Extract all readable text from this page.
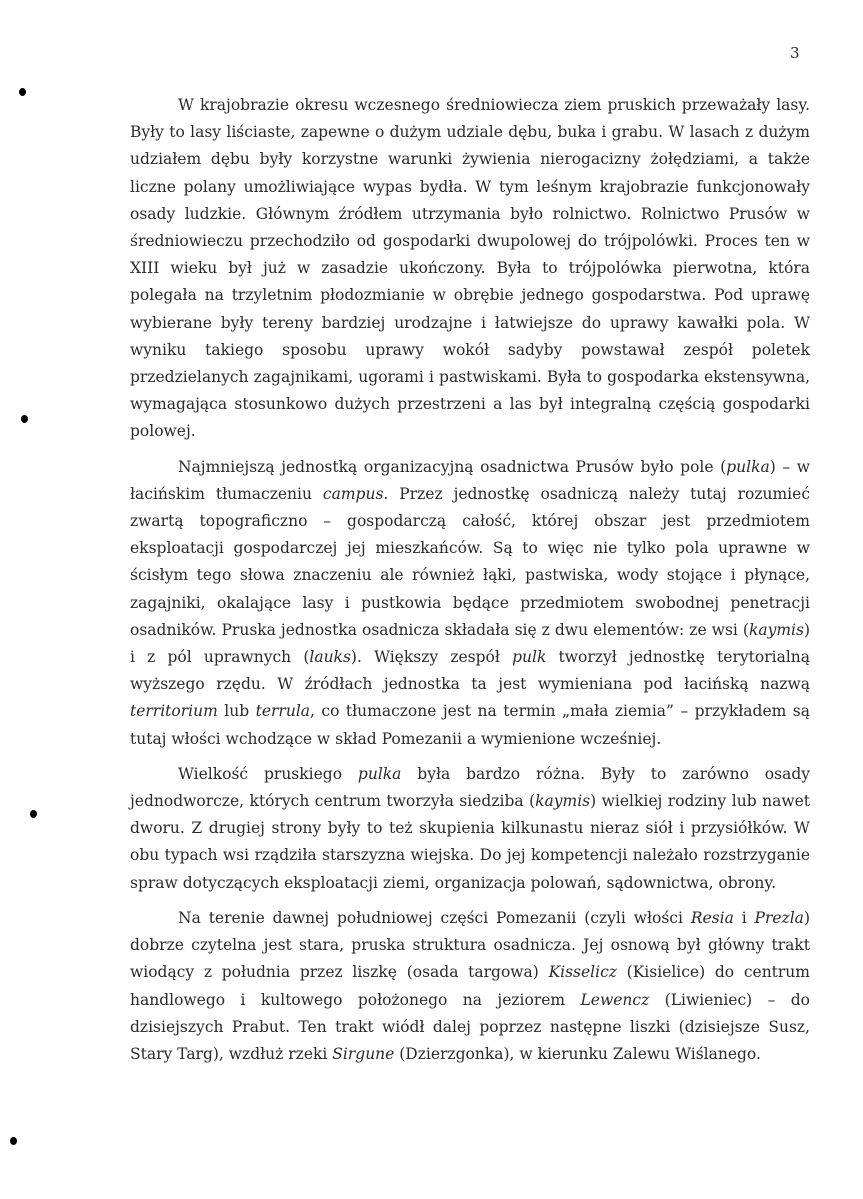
3

W krajobrazie okresu wczesnego średniowiecza ziem pruskich przeważały lasy. Były to lasy liściaste, zapewne o dużym udziale dębu, buka i grabu. W lasach z dużym udziałem dębu były korzystne warunki żywienia nierogacizny żołędziami, a także liczne polany umożliwiające wypas bydła. W tym leśnym krajobrazie funkcjonowały osady ludzkie. Głównym źródłem utrzymania było rolnictwo. Rolnictwo Prusów w średniowieczu przechodziło od gospodarki dwupolowej do trójpolówki. Proces ten w XIII wieku był już w zasadzie ukończony. Była to trójpolówka pierwotna, która polegała na trzyletnim płodozmianie w obrębie jednego gospodarstwa. Pod uprawę wybierane były tereny bardziej urodzajne i łatwiejsze do uprawy kawałki pola. W wyniku takiego sposobu uprawy wokół sadyby powstawał zespół poletek przedzielanych zagajnikami, ugorami i pastwiskami. Była to gospodarka ekstensywna, wymagająca stosunkowo dużych przestrzeni a las był integralną częścią gospodarki polowej.

Najmniejszą jednostką organizacyjną osadnictwa Prusów było pole (pulka) – w łacińskim tłumaczeniu campus. Przez jednostkę osadniczą należy tutaj rozumieć zwartą topograficzno – gospodarczą całość, której obszar jest przedmiotem eksploatacji gospodarczej jej mieszkańców. Są to więc nie tylko pola uprawne w ścisłym tego słowa znaczeniu ale również łąki, pastwiska, wody stojące i płynące, zagajniki, okalające lasy i pustkowia będące przedmiotem swobodnej penetracji osadników. Pruska jednostka osadnicza składała się z dwu elementów: ze wsi (kaymis) i z pól uprawnych (lauks). Większy zespół pulk tworzył jednostkę terytorialną wyższego rzędu. W źródłach jednostka ta jest wymieniana pod łacińską nazwą territorium lub terrula, co tłumaczone jest na termin „mała ziemia” – przykładem są tutaj włości wchodzące w skład Pomezanii a wymienione wcześniej.

Wielkość pruskiego pulka była bardzo różna. Były to zarówno osady jednodworcze, których centrum tworzyła siedziba (kaymis) wielkiej rodziny lub nawet dworu. Z drugiej strony były to też skupienia kilkunastu nieraz siół i przysiółków. W obu typach wsi rządziła starszyzna wiejska. Do jej kompetencji należało rozstrzyganie spraw dotyczących eksploatacji ziemi, organizacja polowań, sądownictwa, obrony.

Na terenie dawnej południowej części Pomezanii (czyli włości Resia i Prezla) dobrze czytelna jest stara, pruska struktura osadnicza. Jej osnową był główny trakt wiodący z południa przez liszkę (osada targowa) Kisselicz (Kisielice) do centrum handlowego i kultowego położonego na jeziorem Lewencz (Liwieniec) – do dzisiejszych Prabut. Ten trakt wiódł dalej poprzez następne liszki (dzisiejsze Susz, Stary Targ), wzdłuż rzeki Sirgune (Dzierzgonka), w kierunku Zalewu Wiślanego.
